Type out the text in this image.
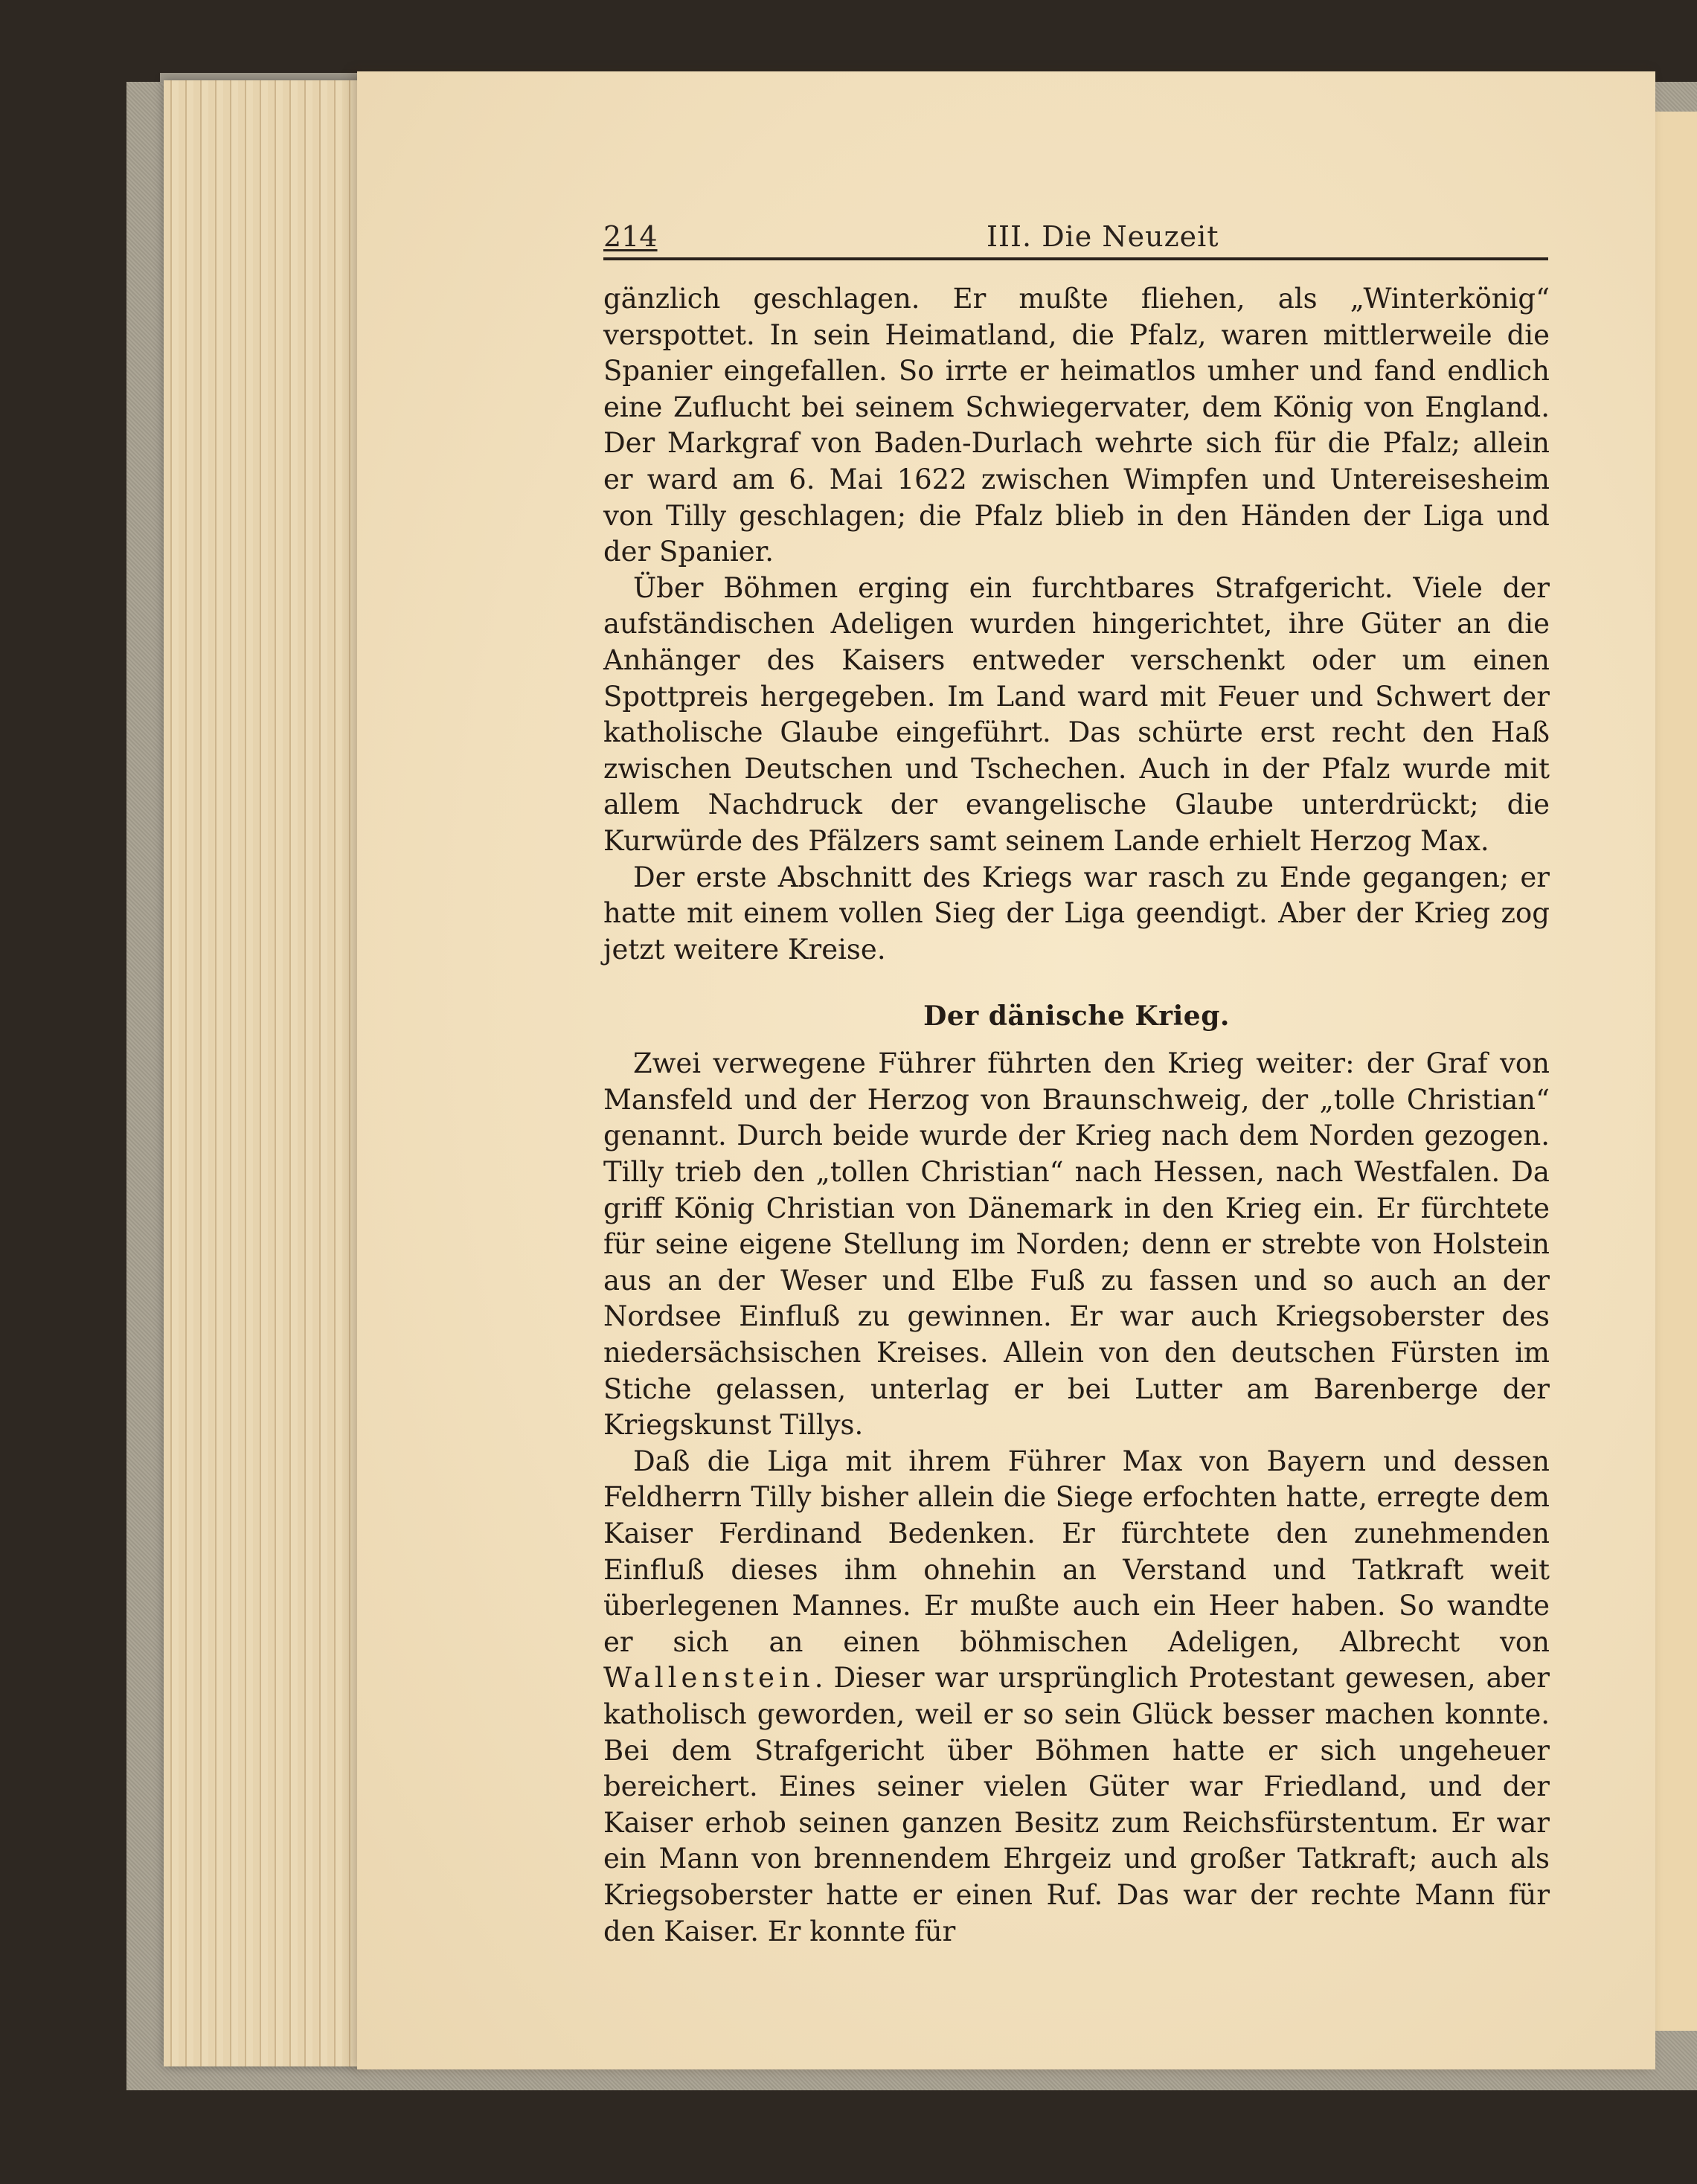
214	III. Die Neuzeit

gänzlich geschlagen. Er mußte fliehen, als „Winterkönig“ verspottet. In sein Heimatland, die Pfalz, waren mittlerweile die Spanier eingefallen. So irrte er heimatlos umher und fand endlich eine Zuflucht bei seinem Schwiegervater, dem König von England. Der Markgraf von Baden-Durlach wehrte sich für die Pfalz; allein er ward am 6. Mai 1622 zwischen Wimpfen und Untereisesheim von Tilly geschlagen; die Pfalz blieb in den Händen der Liga und der Spanier.

Über Böhmen erging ein furchtbares Strafgericht. Viele der aufständischen Adeligen wurden hingerichtet, ihre Güter an die Anhänger des Kaisers entweder verschenkt oder um einen Spottpreis hergegeben. Im Land ward mit Feuer und Schwert der katholische Glaube eingeführt. Das schürte erst recht den Haß zwischen Deutschen und Tschechen. Auch in der Pfalz wurde mit allem Nachdruck der evangelische Glaube unterdrückt; die Kurwürde des Pfälzers samt seinem Lande erhielt Herzog Max.

Der erste Abschnitt des Kriegs war rasch zu Ende gegangen; er hatte mit einem vollen Sieg der Liga geendigt. Aber der Krieg zog jetzt weitere Kreise.

Der dänische Krieg.

Zwei verwegene Führer führten den Krieg weiter: der Graf von Mansfeld und der Herzog von Braunschweig, der „tolle Christian“ genannt. Durch beide wurde der Krieg nach dem Norden gezogen. Tilly trieb den „tollen Christian“ nach Hessen, nach Westfalen. Da griff König Christian von Dänemark in den Krieg ein. Er fürchtete für seine eigene Stellung im Norden; denn er strebte von Holstein aus an der Weser und Elbe Fuß zu fassen und so auch an der Nordsee Einfluß zu gewinnen. Er war auch Kriegsoberster des niedersächsischen Kreises. Allein von den deutschen Fürsten im Stiche gelassen, unterlag er bei Lutter am Barenberge der Kriegskunst Tillys.

Daß die Liga mit ihrem Führer Max von Bayern und dessen Feldherrn Tilly bisher allein die Siege erfochten hatte, erregte dem Kaiser Ferdinand Bedenken. Er fürchtete den zunehmenden Einfluß dieses ihm ohnehin an Verstand und Tatkraft weit überlegenen Mannes. Er mußte auch ein Heer haben. So wandte er sich an einen böhmischen Adeligen, Albrecht von Wallenstein. Dieser war ursprünglich Protestant gewesen, aber katholisch geworden, weil er so sein Glück besser machen konnte. Bei dem Strafgericht über Böhmen hatte er sich ungeheuer bereichert. Eines seiner vielen Güter war Friedland, und der Kaiser erhob seinen ganzen Besitz zum Reichsfürstentum. Er war ein Mann von brennendem Ehrgeiz und großer Tatkraft; auch als Kriegsoberster hatte er einen Ruf. Das war der rechte Mann für den Kaiser. Er konnte für
